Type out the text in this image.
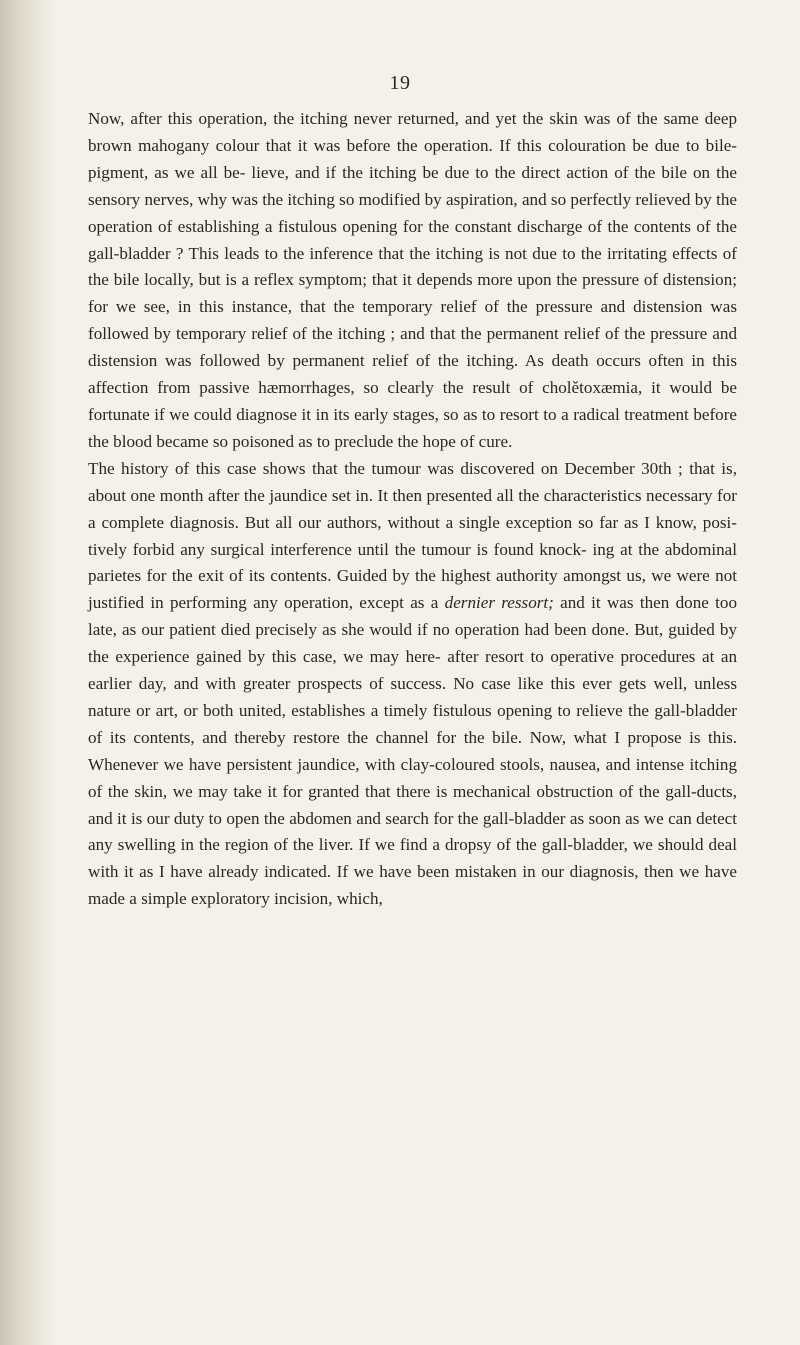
19

Now, after this operation, the itching never returned, and yet the skin was of the same deep brown mahogany colour that it was before the operation. If this colouration be due to bile-pigment, as we all be- lieve, and if the itching be due to the direct action of the bile on the sensory nerves, why was the itching so modified by aspiration, and so perfectly relieved by the operation of establishing a fistulous opening for the constant discharge of the contents of the gall-bladder ? This leads to the inference that the itching is not due to the irritating effects of the bile locally, but is a reflex symptom; that it depends more upon the pressure of distension; for we see, in this instance, that the temporary relief of the pressure and distension was followed by temporary relief of the itching ; and that the permanent relief of the pressure and distension was followed by permanent relief of the itching. As death occurs often in this affection from passive hæmorrhages, so clearly the result of cholětoxæmia, it would be fortunate if we could diagnose it in its early stages, so as to resort to a radical treatment before the blood became so poisoned as to preclude the hope of cure.

The history of this case shows that the tumour was discovered on December 30th ; that is, about one month after the jaundice set in. It then presented all the characteristics necessary for a complete diagnosis. But all our authors, without a single exception so far as I know, posi- tively forbid any surgical interference until the tumour is found knock- ing at the abdominal parietes for the exit of its contents. Guided by the highest authority amongst us, we were not justified in performing any operation, except as a dernier ressort; and it was then done too late, as our patient died precisely as she would if no operation had been done. But, guided by the experience gained by this case, we may here- after resort to operative procedures at an earlier day, and with greater prospects of success. No case like this ever gets well, unless nature or art, or both united, establishes a timely fistulous opening to relieve the gall-bladder of its contents, and thereby restore the channel for the bile. Now, what I propose is this. Whenever we have persistent jaundice, with clay-coloured stools, nausea, and intense itching of the skin, we may take it for granted that there is mechanical obstruction of the gall-ducts, and it is our duty to open the abdomen and search for the gall-bladder as soon as we can detect any swelling in the region of the liver. If we find a dropsy of the gall-bladder, we should deal with it as I have already indicated. If we have been mistaken in our diagnosis, then we have made a simple exploratory incision, which,
